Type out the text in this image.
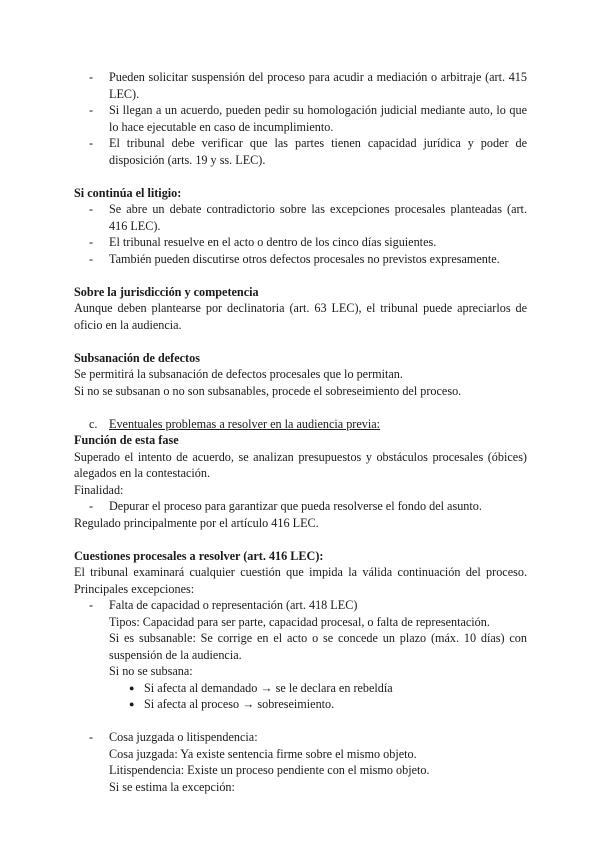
- Pueden solicitar suspensión del proceso para acudir a mediación o arbitraje (art. 415 LEC).
- Si llegan a un acuerdo, pueden pedir su homologación judicial mediante auto, lo que lo hace ejecutable en caso de incumplimiento.
- El tribunal debe verificar que las partes tienen capacidad jurídica y poder de disposición (arts. 19 y ss. LEC).
Si continúa el litigio:
- Se abre un debate contradictorio sobre las excepciones procesales planteadas (art. 416 LEC).
- El tribunal resuelve en el acto o dentro de los cinco días siguientes.
- También pueden discutirse otros defectos procesales no previstos expresamente.
Sobre la jurisdicción y competencia
Aunque deben plantearse por declinatoria (art. 63 LEC), el tribunal puede apreciarlos de oficio en la audiencia.
Subsanación de defectos
Se permitirá la subsanación de defectos procesales que lo permitan.
Si no se subsanan o no son subsanables, procede el sobreseimiento del proceso.
c. Eventuales problemas a resolver en la audiencia previa:
Función de esta fase
Superado el intento de acuerdo, se analizan presupuestos y obstáculos procesales (óbices) alegados en la contestación.
Finalidad:
- Depurar el proceso para garantizar que pueda resolverse el fondo del asunto.
Regulado principalmente por el artículo 416 LEC.
Cuestiones procesales a resolver (art. 416 LEC):
El tribunal examinará cualquier cuestión que impida la válida continuación del proceso. Principales excepciones:
- Falta de capacidad o representación (art. 418 LEC)
Tipos: Capacidad para ser parte, capacidad procesal, o falta de representación.
Si es subsanable: Se corrige en el acto o se concede un plazo (máx. 10 días) con suspensión de la audiencia.
Si no se subsana:
● Si afecta al demandado → se le declara en rebeldía
● Si afecta al proceso → sobreseimiento.
- Cosa juzgada o litispendencia:
Cosa juzgada: Ya existe sentencia firme sobre el mismo objeto.
Litispendencia: Existe un proceso pendiente con el mismo objeto.
Si se estima la excepción:
